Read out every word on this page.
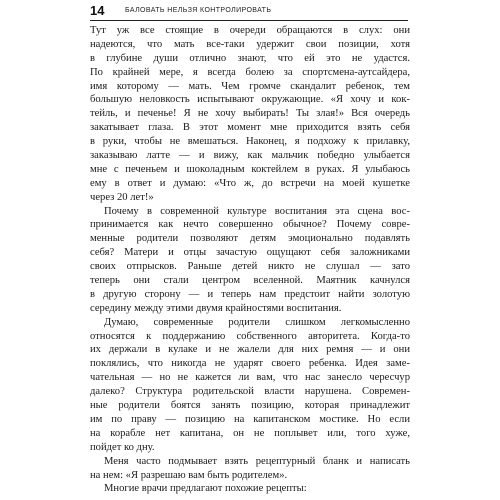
14	БАЛОВАТЬ НЕЛЬЗЯ КОНТРОЛИРОВАТЬ
Тут уж все стоящие в очереди обращаются в слух: они
надеются, что мать все-таки удержит свои позиции, хотя
в глубине души отлично знают, что ей это не удастся.
По крайней мере, я всегда болею за спортсмена-аутсайдера,
имя которому — мать. Чем громче скандалит ребенок, тем
большую неловкость испытывают окружающие. «Я хочу и кок-
тейль, и печенье! Я не хочу выбирать! Ты злая!» Вся очередь
закатывает глаза. В этот момент мне приходится взять себя
в руки, чтобы не вмешаться. Наконец, я подхожу к прилавку,
заказываю латте — и вижу, как мальчик победно улыбается
мне с печеньем и шоколадным коктейлем в руках. Я улыбаюсь
ему в ответ и думаю: «Что ж, до встречи на моей кушетке
через 20 лет!»
Почему в современной культуре воспитания эта сцена вос-
принимается как нечто совершенно обычное? Почему совре-
менные родители позволяют детям эмоционально подавлять
себя? Матери и отцы зачастую ощущают себя заложниками
своих отпрысков. Раньше детей никто не слушал — зато
теперь они стали центром вселенной. Маятник качнулся
в другую сторону — и теперь нам предстоит найти золотую
середину между этими двумя крайностями воспитания.
Думаю, современные родители слишком легкомысленно
относятся к поддержанию собственного авторитета. Когда-то
их держали в кулаке и не жалели для них ремня — и они
поклялись, что никогда не ударят своего ребенка. Идея заме-
чательная — но не кажется ли вам, что нас занесло чересчур
далеко? Структура родительской власти нарушена. Современ-
ные родители боятся занять позицию, которая принадлежит
им по праву — позицию на капитанском мостике. Но если
на корабле нет капитана, он не поплывет или, того хуже,
пойдет ко дну.
Меня часто подмывает взять рецептурный бланк и написать
на нем: «Я разрешаю вам быть родителем».
Многие врачи предлагают похожие рецепты:
